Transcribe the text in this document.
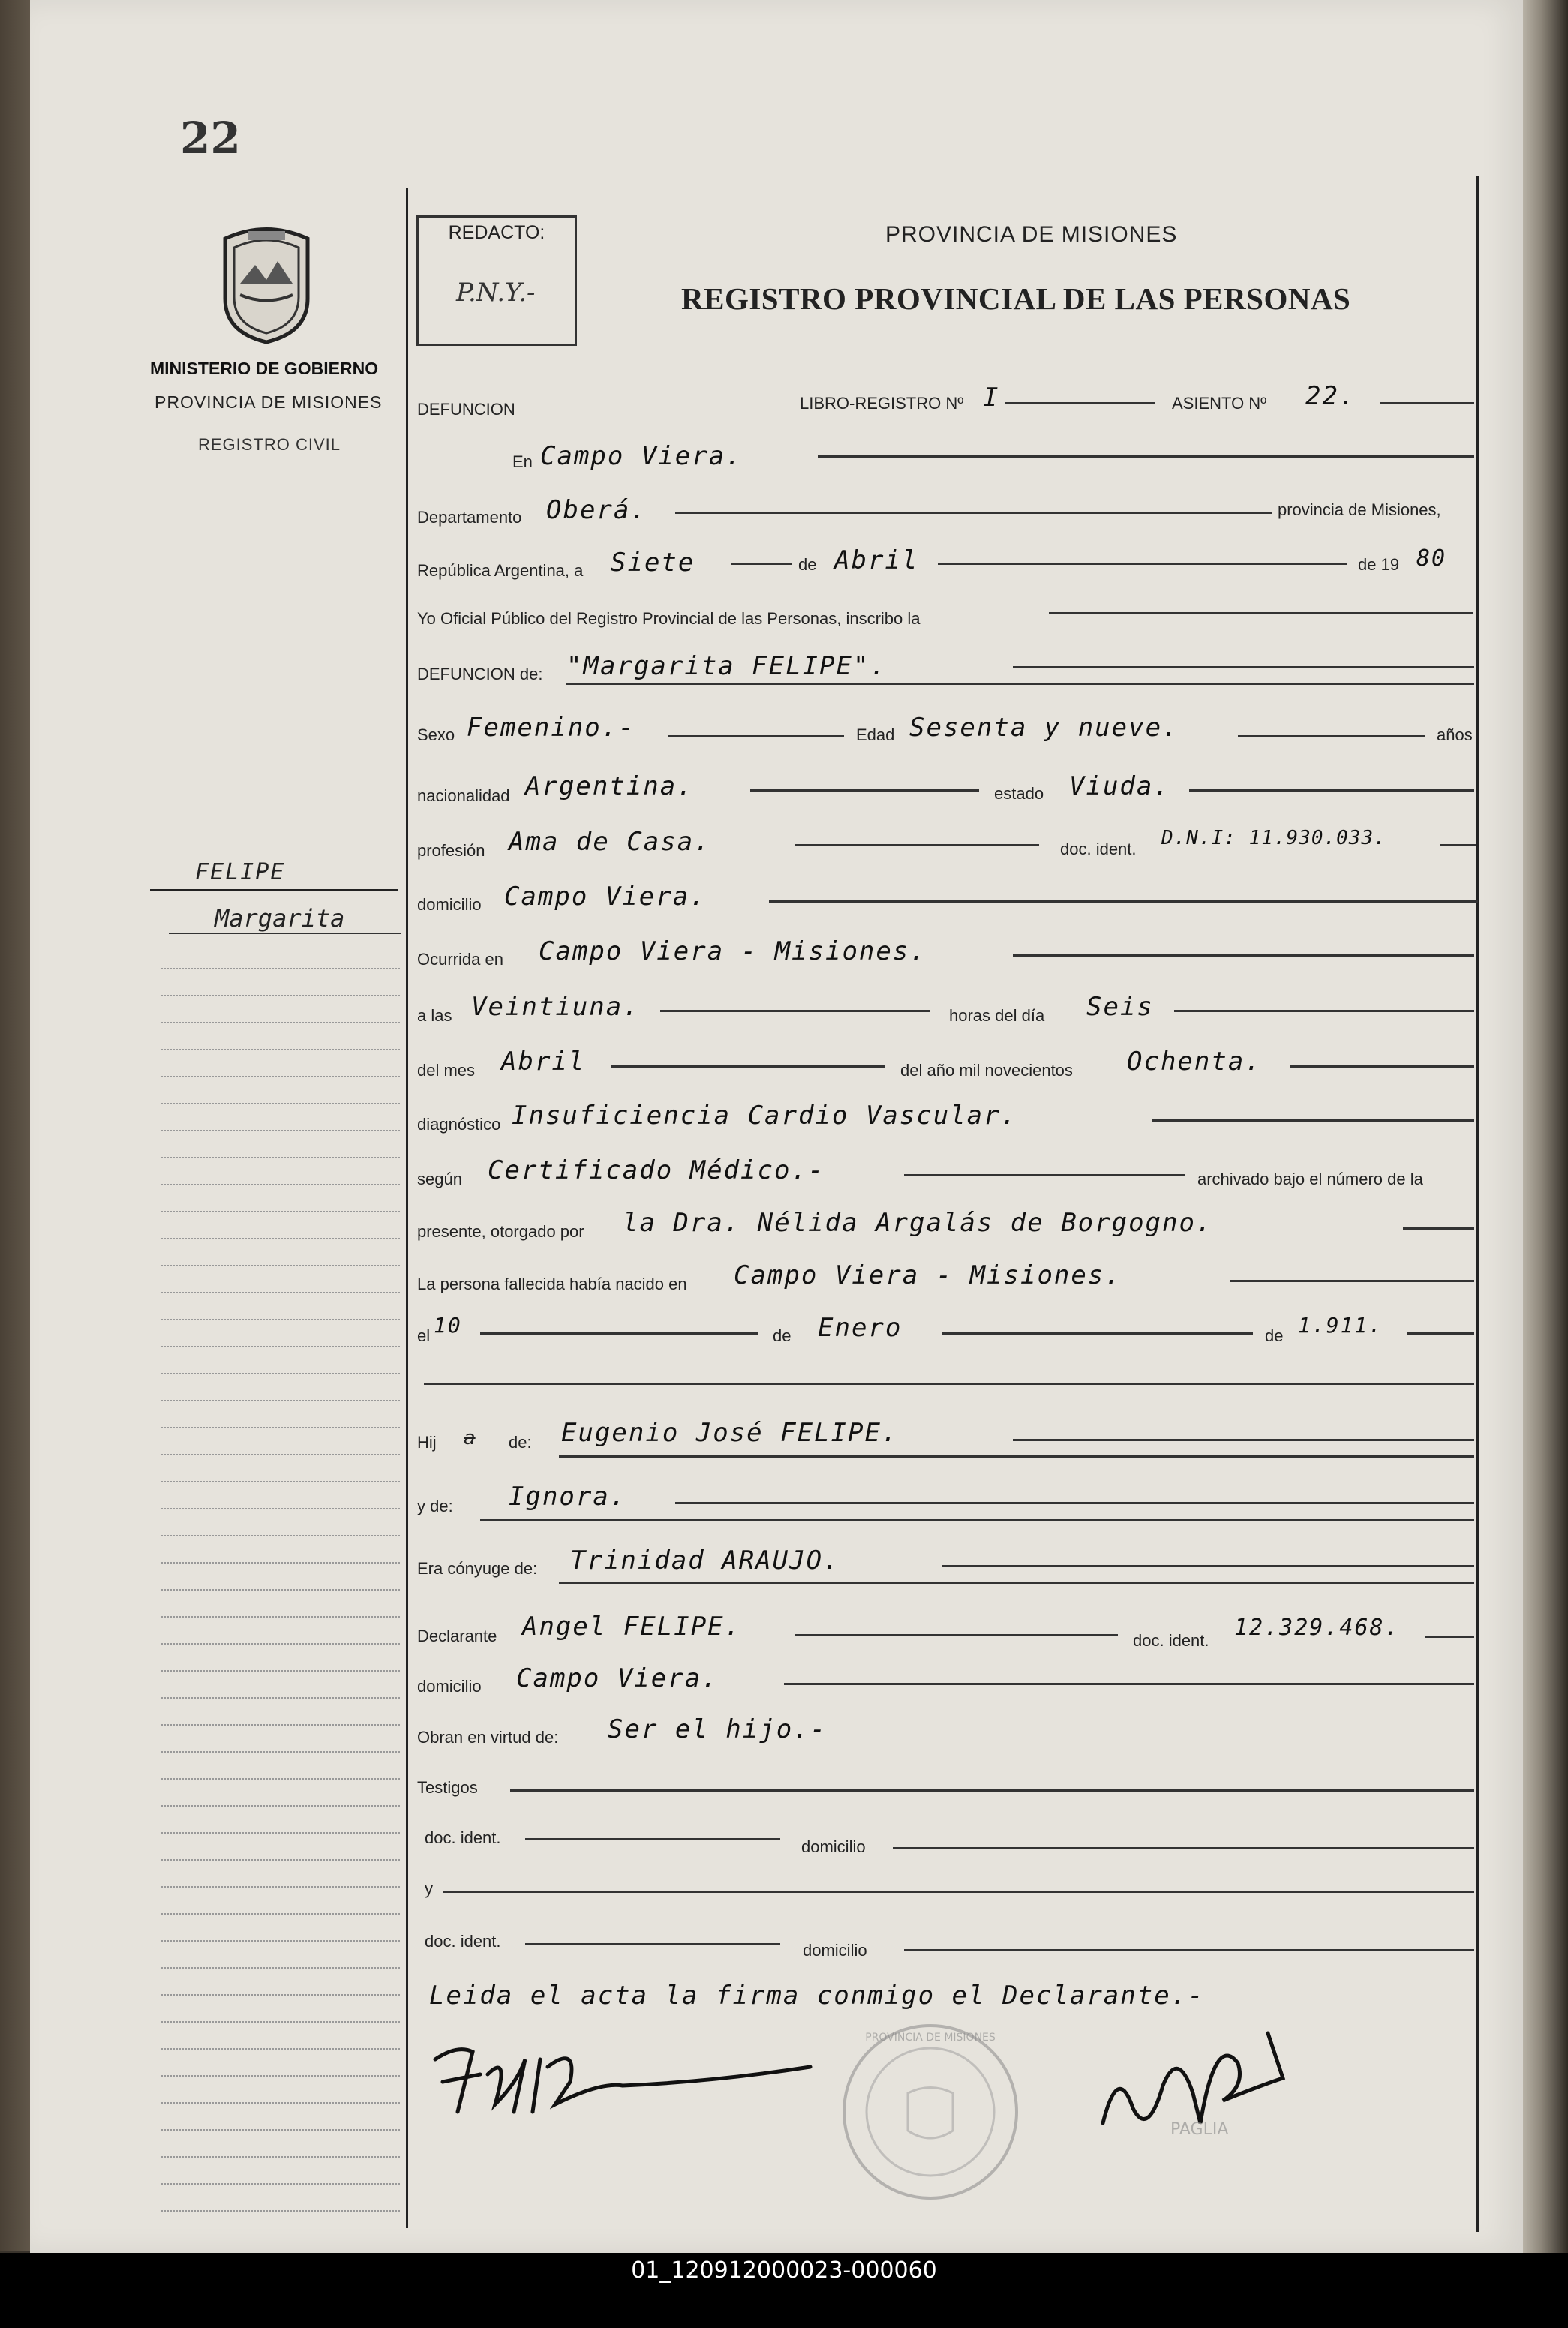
22
MINISTERIO DE GOBIERNO
PROVINCIA DE MISIONES
REGISTRO CIVIL
REDACTO:
P.N.Y.-
PROVINCIA DE MISIONES
REGISTRO PROVINCIAL DE LAS PERSONAS
FELIPE
Margarita
DEFUNCION	LIBRO-REGISTRO Nº I	ASIENTO Nº 22.
En Campo Viera.
Departamento Oberá.	provincia de Misiones,
República Argentina, a Siete	de Abril	de 19 80
Yo Oficial Público del Registro Provincial de las Personas, inscribo la
DEFUNCION de: "Margarita FELIPE".
Sexo Femenino.-	Edad Sesenta y nueve.	años
nacionalidad Argentina.	estado Viuda.
profesión Ama de Casa.	doc. ident. D.N.I: 11.930.033.
domicilio Campo Viera.
Ocurrida en Campo Viera - Misiones.
a las Veintiuna.	horas del día Seis
del mes Abril	del año mil novecientos Ochenta.
diagnóstico Insuficiencia Cardio Vascular.
según Certificado Médico.-	archivado bajo el número de la
presente, otorgado por la Dra. Nélida Argalás de Borgogno.
La persona fallecida había nacido en Campo Viera - Misiones.
el 10	de Enero	de 1.911.
Hij a de: Eugenio José FELIPE.
y de: Ignora.
Era cónyuge de: Trinidad ARAUJO.
Declarante Angel FELIPE.	doc. ident. 12.329.468.
domicilio Campo Viera.
Obran en virtud de: Ser el hijo.-
Testigos
doc. ident.	domicilio
y
doc. ident.	domicilio
Leida el acta la firma conmigo el Declarante.-
PROVINCIA DE MISIONES
PAGLIA
01_120912000023-000060
